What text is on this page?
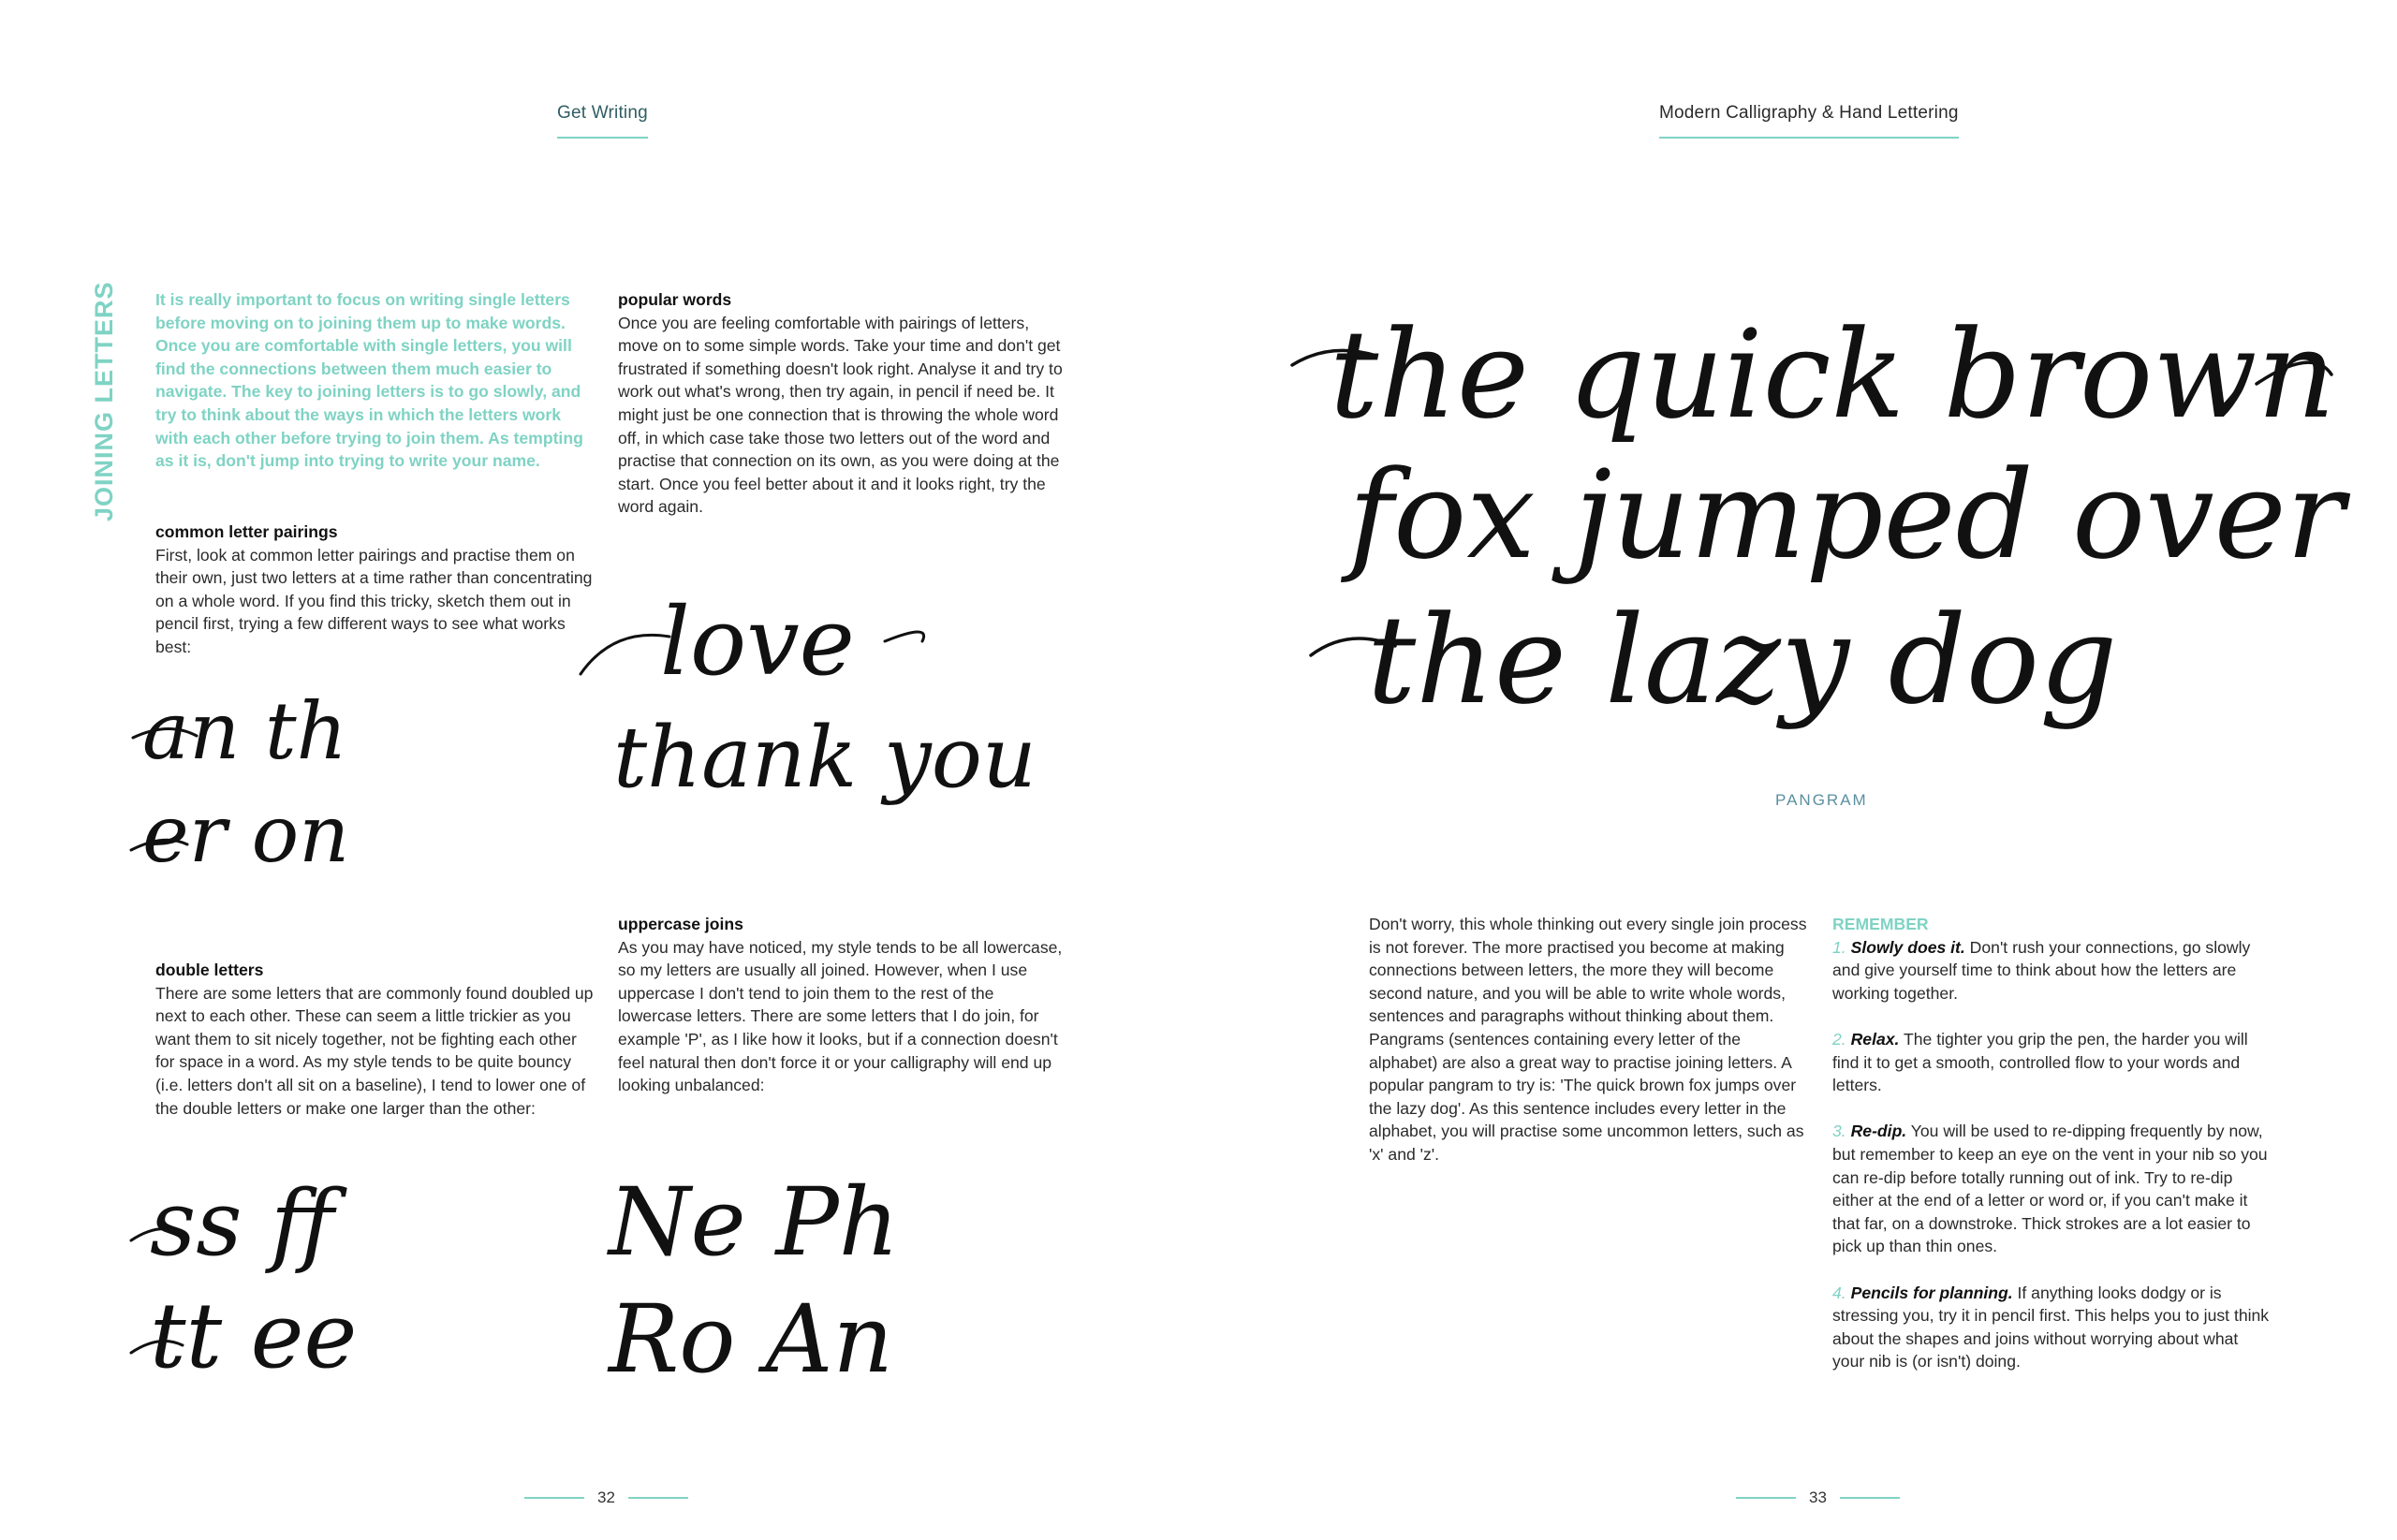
Get Writing
JOINING LETTERS It is really important to focus on writing single letters before moving on to joining them up to make words. Once you are comfortable with single letters, you will find the connections between them much easier to navigate. The key to joining letters is to go slowly, and try to think about the ways in which the letters work with each other before trying to join them. As tempting as it is, don't jump into trying to write your name.
common letter pairings
First, look at common letter pairings and practise them on their own, just two letters at a time rather than concentrating on a whole word. If you find this tricky, sketch them out in pencil first, trying a few different ways to see what works best:
popular words
Once you are feeling comfortable with pairings of letters, move on to some simple words. Take your time and don't get frustrated if something doesn't look right. Analyse it and try to work out what's wrong, then try again, in pencil if need be. It might just be one connection that is throwing the whole word off, in which case take those two letters out of the word and practise that connection on its own, as you were doing at the start. Once you feel better about it and it looks right, try the word again.
double letters
There are some letters that are commonly found doubled up next to each other. These can seem a little trickier as you want them to sit nicely together, not be fighting each other for space in a word. As my style tends to be quite bouncy (i.e. letters don't all sit on a baseline), I tend to lower one of the double letters or make one larger than the other:
uppercase joins
As you may have noticed, my style tends to be all lowercase, so my letters are usually all joined. However, when I use uppercase I don't tend to join them to the rest of the lowercase letters. There are some letters that I do join, for example 'P', as I like how it looks, but if a connection doesn't feel natural then don't force it or your calligraphy will end up looking unbalanced:
an th
er on
love
thank you
ss ff
tt ee
Ne Ph
Ro An
32
Modern Calligraphy & Hand Lettering
the quick brown
fox jumped over
the lazy dog
PANGRAM
Don't worry, this whole thinking out every single join process is not forever. The more practised you become at making connections between letters, the more they will become second nature, and you will be able to write whole words, sentences and paragraphs without thinking about them. Pangrams (sentences containing every letter of the alphabet) are also a great way to practise joining letters. A popular pangram to try is: 'The quick brown fox jumps over the lazy dog'. As this sentence includes every letter in the alphabet, you will practise some uncommon letters, such as 'x' and 'z'.
REMEMBER
1. Slowly does it. Don't rush your connections, go slowly and give yourself time to think about how the letters are working together.
2. Relax. The tighter you grip the pen, the harder you will find it to get a smooth, controlled flow to your words and letters.
3. Re-dip. You will be used to re-dipping frequently by now, but remember to keep an eye on the vent in your nib so you can re-dip before totally running out of ink. Try to re-dip either at the end of a letter or word or, if you can't make it that far, on a downstroke. Thick strokes are a lot easier to pick up than thin ones.
4. Pencils for planning. If anything looks dodgy or is stressing you, try it in pencil first. This helps you to just think about the shapes and joins without worrying about what your nib is (or isn't) doing.
33
